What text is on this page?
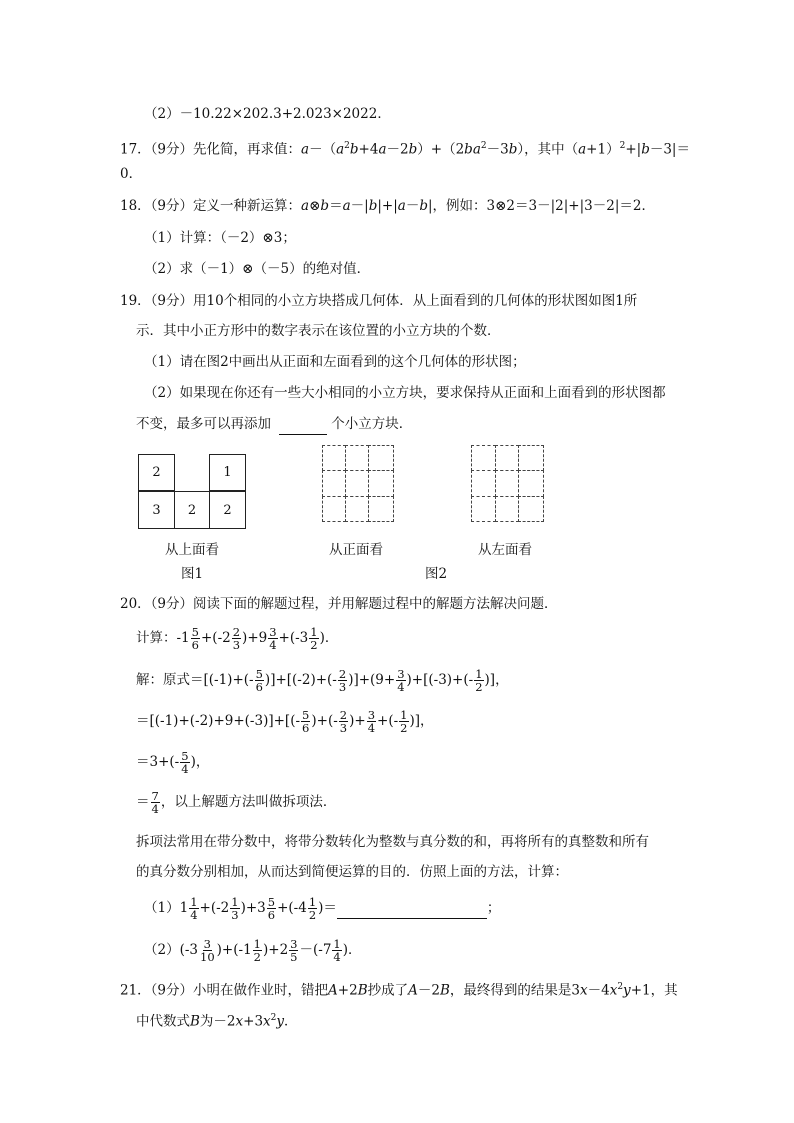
（2）－10.22×202.3+2.023×2022．
17．（9分）先化简，再求值：$a-(a^2b+4a-2b)+(2ba^2-3b)$，其中$(a+1)^2+|b-3|=$
0．
18．（9分）定义一种新运算：a⊗b＝a－|b|+|a－b|，例如：3⊗2＝3－|2|+|3－2|＝2．
（1）计算：（－2）⊗3；
（2）求（－1）⊗（－5）的绝对值．
19．（9分）用10个相同的小立方块搭成几何体．从上面看到的几何体的形状图如图1所
示．其中小正方形中的数字表示在该位置的小立方块的个数．
（1）请在图2中画出从正面和左面看到的这个几何体的形状图；
（2）如果现在你还有一些大小相同的小立方块，要求保持从正面和上面看到的形状图都
不变，最多可以再添加	个小立方块．
2	1
3	2	2
从上面看	从正面看	从左面看
图1	图2
20．（9分）阅读下面的解题过程，并用解题过程中的解题方法解决问题．
计算：$-1 \frac{5}{6} +(-2 \frac{2}{3} )+9 \frac{3}{4} +(-3 \frac{1}{2}$ )．
解：原式$=[(-1)+(- \frac{5}{6} )]+[(-2)+(- \frac{2}{3} )]+(9+ \frac{3}{4} )+[(-3)+(- \frac{1}{2}$ )]，
$=[(-1)+(-2)+9+(-3)]+[(- \frac{5}{6}$ )+(- $\frac{2}{3}$ )+ $\frac{3}{4}$ +(- $\frac{1}{2}$ )]，
$=3+(- \frac{5}{4}$ )，
＝ $\frac{7}{4}$ ，以上解题方法叫做拆项法．
拆项法常用在带分数中，将带分数转化为整数与真分数的和，再将所有的真整数和所有
的真分数分别相加，从而达到简便运算的目的．仿照上面的方法，计算：
$(1)1 \frac{1}{4} +(-2 \frac{1}{3} )+3 \frac{5}{6} +(-4 \frac{1}{2}$ )＝	；
$(2)(-3 \frac{3}{10} )+(-1 \frac{1}{2} )+2 \frac{3}{5} -(-7 \frac{1}{4}$ )．
21．（9分）小明在做作业时，错把A+2B抄成了A－2B，最终得到的结果是$3x-4x^2y+1$，其
中代数式B为$-2x+3x^2y$．
